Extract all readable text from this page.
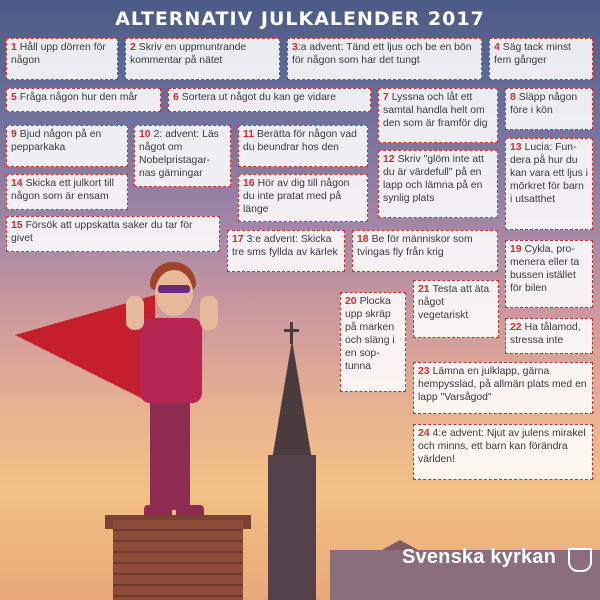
ALTERNATIV JULKALENDER 2017
1 Håll upp dörren för någon
2 Skriv en uppmuntrande kommentar på nätet
3:a advent: Tänd ett ljus och be en bön för någon som har det tungt
4 Säg tack minst fem gånger
5 Fråga någon hur den mår	6 Sortera ut något du kan ge vidare	7 Lyssna och låt ett samtal handla helt om den som är framför dig
8 Släpp någon före i kön
9 Bjud någon på en pepparkaka
10 2: advent: Läs något om Nobelpristagar-nas gärningar
11 Berätta för någon vad du beundrar hos den
12 Skriv "glöm inte att du är värdefull" på en lapp och lämna på en synlig plats
13 Lucia: Fun-dera på hur du kan vara ett ljus i mörkret för barn i utsatthet
14 Skicka ett julkort till någon som är ensam
16 Hör av dig till någon du inte pratat med på länge
15 Försök att uppskatta saker du tar för givet	17 3:e advent: Skicka tre sms fyllda av kärlek
18 Be för människor som tvingas fly från krig	19 Cykla, pro-menera eller ta bussen istället för bilen
20 Plocka upp skräp på marken och släng i en sop-tunna
21 Testa att äta något vegetariskt
22 Ha tålamod, stressa inte
23 Lämna en julklapp, gärna hempysslad, på allmän plats med en lapp "Varsågod"
24 4:e advent: Njut av julens mirakel och minns, ett barn kan förändra världen!
Svenska kyrkan
